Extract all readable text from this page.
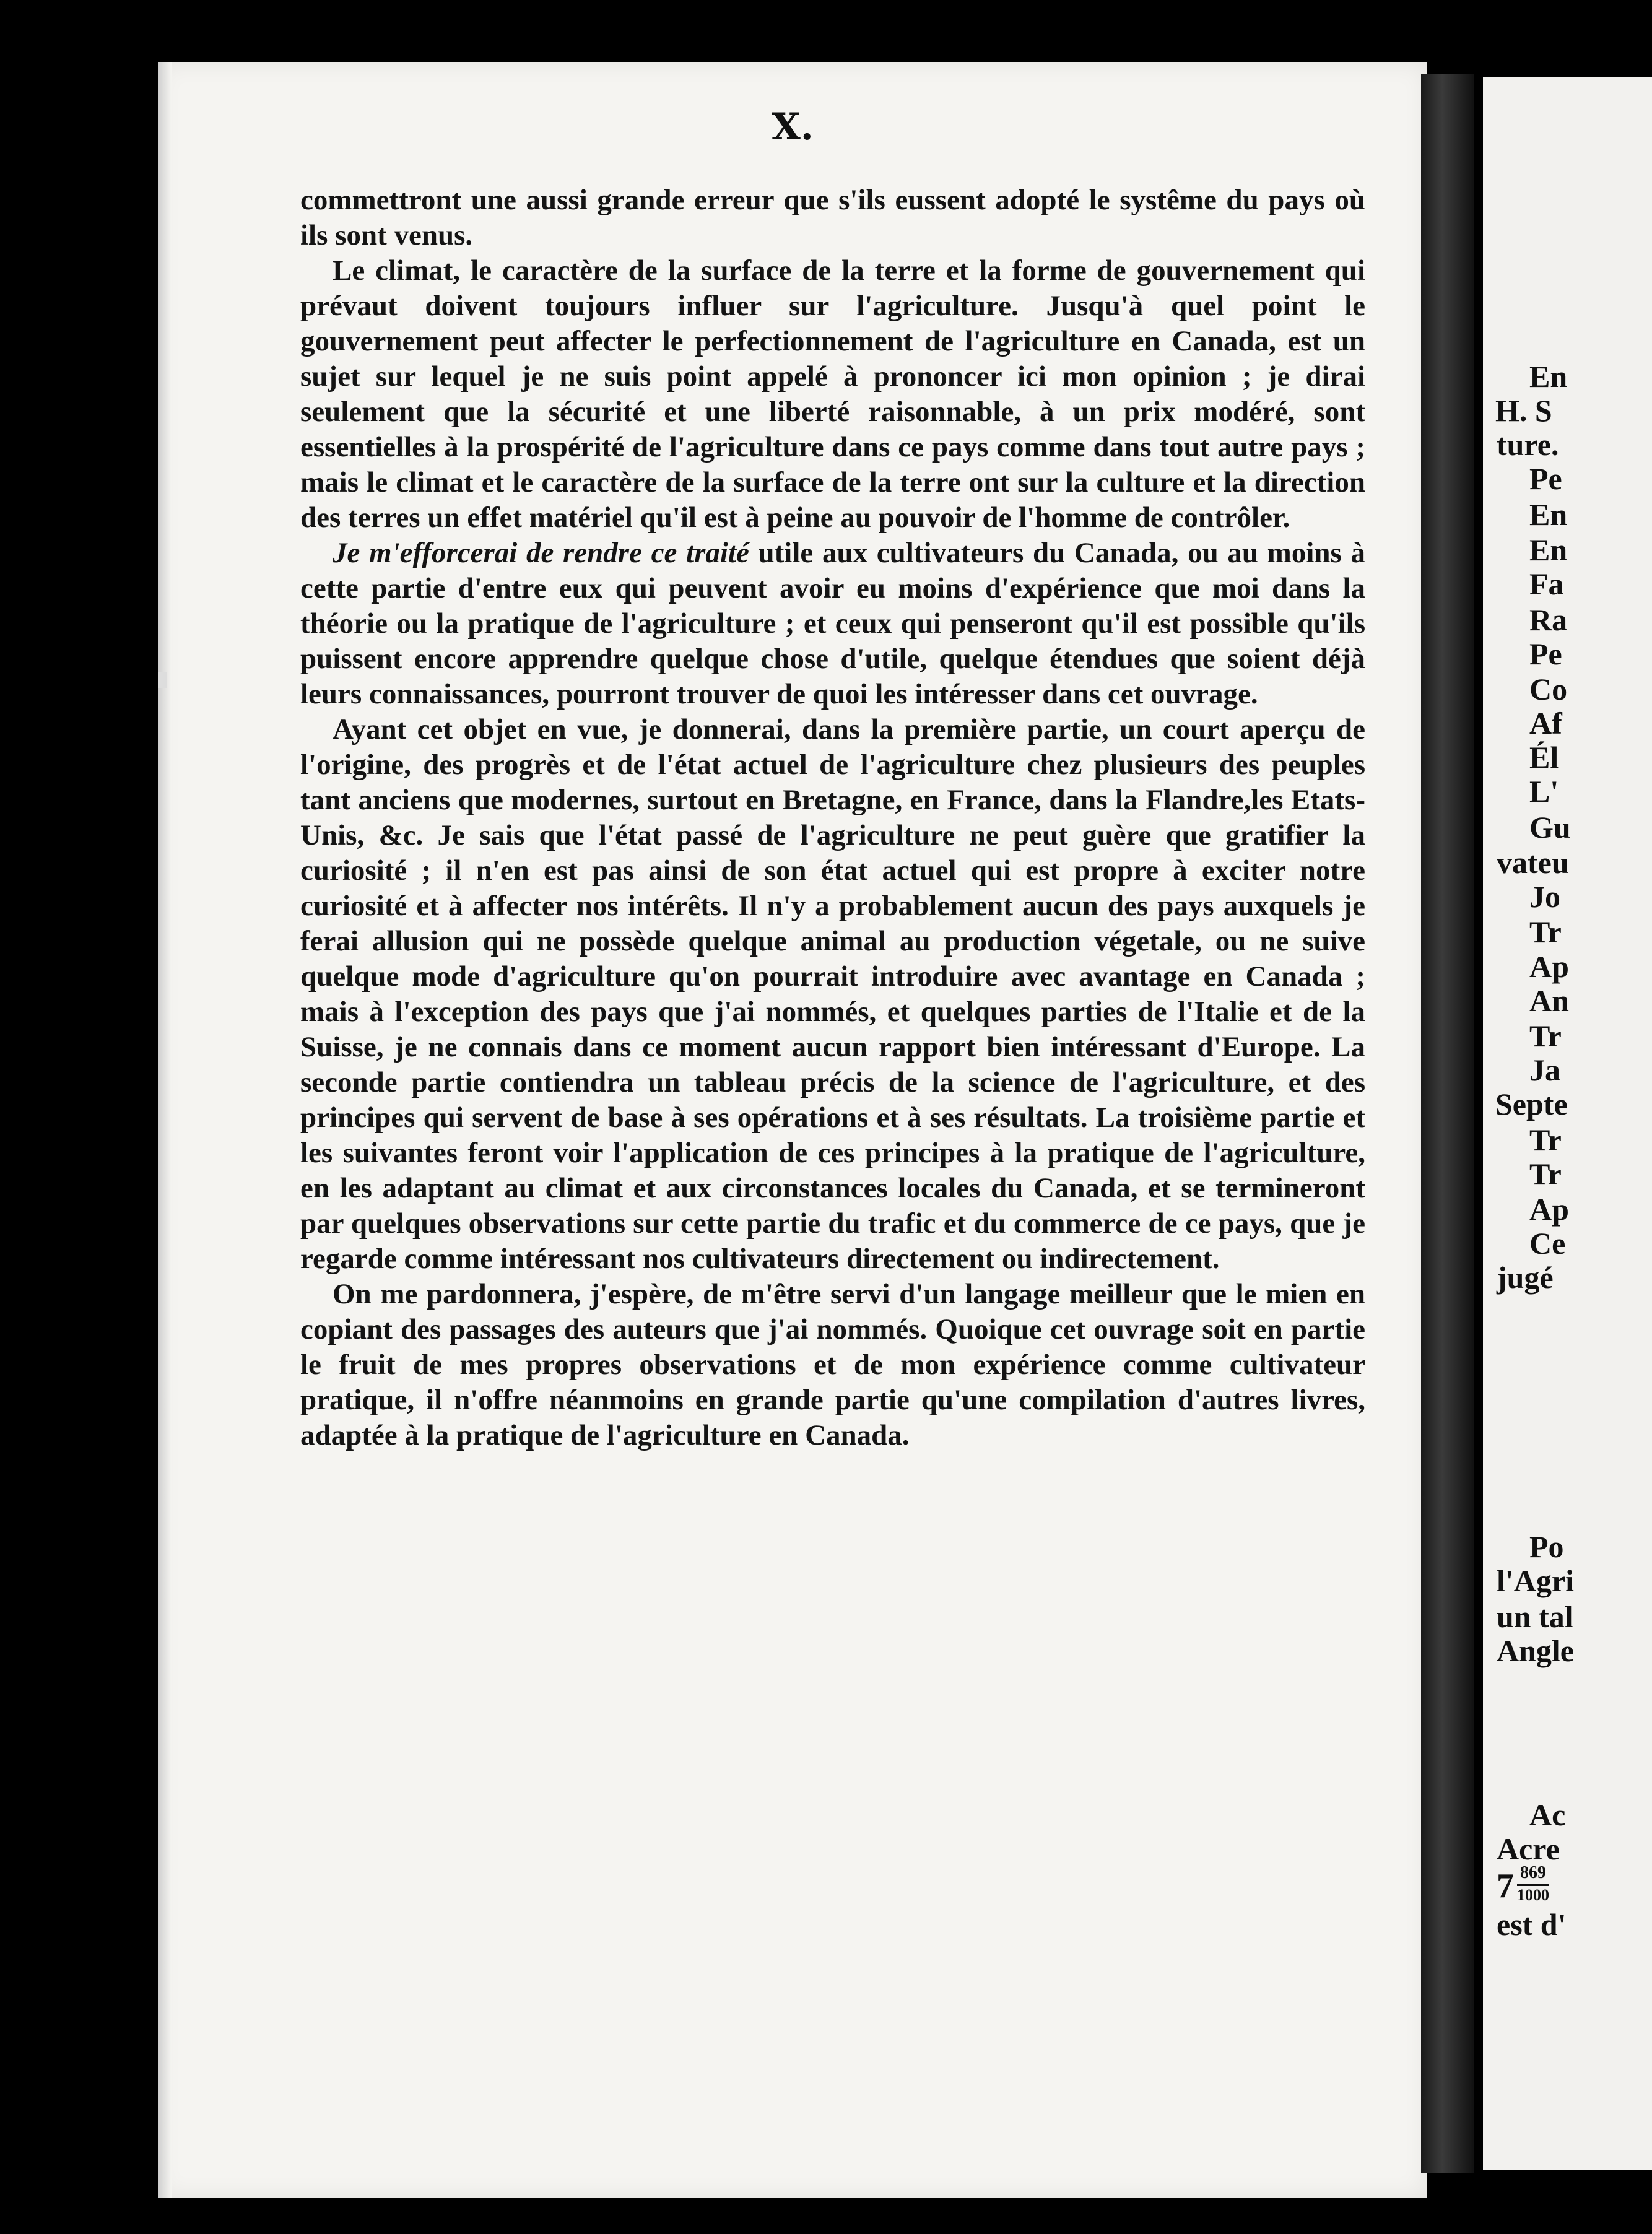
X.

commettront une aussi grande erreur que s'ils eussent adopté le systême du pays où ils sont venus.

Le climat, le caractère de la surface de la terre et la forme de gouvernement qui prévaut doivent toujours influer sur l'agriculture. Jusqu'à quel point le gouvernement peut affecter le perfectionnement de l'agriculture en Canada, est un sujet sur lequel je ne suis point appelé à prononcer ici mon opinion ; je dirai seulement que la sécurité et une liberté raisonnable, à un prix modéré, sont essentielles à la prospérité de l'agriculture dans ce pays comme dans tout autre pays ; mais le climat et le caractère de la surface de la terre ont sur la culture et la direction des terres un effet matériel qu'il est à peine au pouvoir de l'homme de contrôler.

Je m'efforcerai de rendre ce traité utile aux cultivateurs du Canada, ou au moins à cette partie d'entre eux qui peuvent avoir eu moins d'expérience que moi dans la théorie ou la pratique de l'agriculture ; et ceux qui penseront qu'il est possible qu'ils puissent encore apprendre quelque chose d'utile, quelque étendues que soient déjà leurs connaissances, pourront trouver de quoi les intéresser dans cet ouvrage.

Ayant cet objet en vue, je donnerai, dans la première partie, un court aperçu de l'origine, des progrès et de l'état actuel de l'agriculture chez plusieurs des peuples tant anciens que modernes, surtout en Bretagne, en France, dans la Flandre,les Etats-Unis, &c. Je sais que l'état passé de l'agriculture ne peut guère que gratifier la curiosité ; il n'en est pas ainsi de son état actuel qui est propre à exciter notre curiosité et à affecter nos intérêts. Il n'y a probablement aucun des pays auxquels je ferai allusion qui ne possède quelque animal au production végetale, ou ne suive quelque mode d'agriculture qu'on pourrait introduire avec avantage en Canada ; mais à l'exception des pays que j'ai nommés, et quelques parties de l'Italie et de la Suisse, je ne connais dans ce moment aucun rapport bien intéressant d'Europe. La seconde partie contiendra un tableau précis de la science de l'agriculture, et des principes qui servent de base à ses opérations et à ses résultats. La troisième partie et les suivantes feront voir l'application de ces principes à la pratique de l'agriculture, en les adaptant au climat et aux circonstances locales du Canada, et se termineront par quelques observations sur cette partie du trafic et du commerce de ce pays, que je regarde comme intéressant nos cultivateurs directement ou indirectement.

On me pardonnera, j'espère, de m'être servi d'un langage meilleur que le mien en copiant des passages des auteurs que j'ai nommés. Quoique cet ouvrage soit en partie le fruit de mes propres observations et de mon expérience comme cultivateur pratique, il n'offre néanmoins en grande partie qu'une compilation d'autres livres, adaptée à la pratique de l'agriculture en Canada.

En
H. S
ture.
Pe
En
En
Fa
Ra
Pe
Co
Af
Él
L'
Gu
vateu
Jo
Tr
Ap
An
Tr
Ja
Septe
Tr
Tr
Ap
Ce
jugé
Po
l'Agri
un tal
Angle
Ac
Acre
7 869
1000
est d'
